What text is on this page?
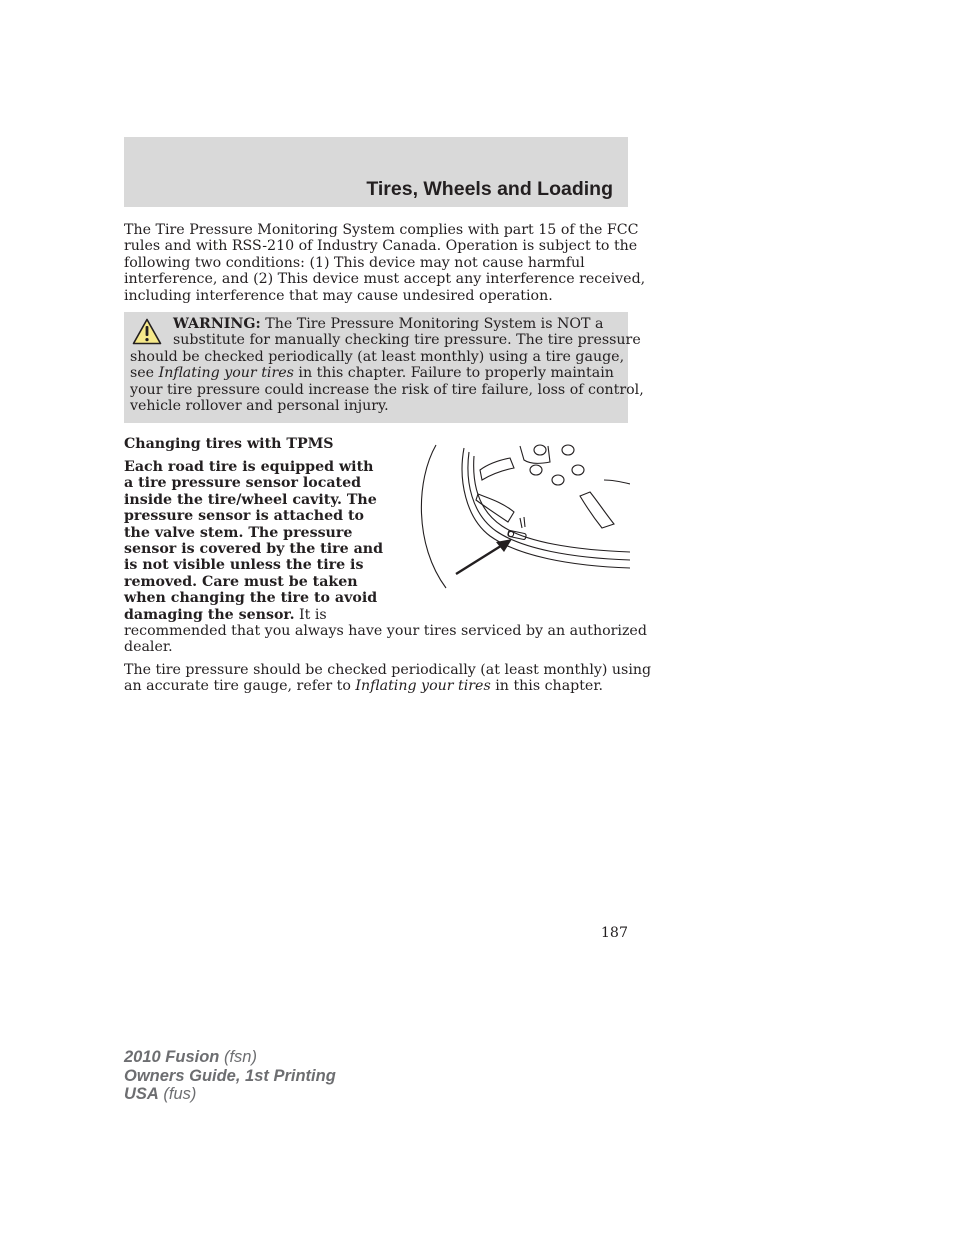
Tires, Wheels and Loading

The Tire Pressure Monitoring System complies with part 15 of the FCC
rules and with RSS-210 of Industry Canada. Operation is subject to the
following two conditions: (1) This device may not cause harmful
interference, and (2) This device must accept any interference received,
including interference that may cause undesired operation.

WARNING: The Tire Pressure Monitoring System is NOT a
substitute for manually checking tire pressure. The tire pressure
should be checked periodically (at least monthly) using a tire gauge,
see Inflating your tires in this chapter. Failure to properly maintain
your tire pressure could increase the risk of tire failure, loss of control,
vehicle rollover and personal injury.

Changing tires with TPMS

Each road tire is equipped with
a tire pressure sensor located
inside the tire/wheel cavity. The
pressure sensor is attached to
the valve stem. The pressure
sensor is covered by the tire and
is not visible unless the tire is
removed. Care must be taken
when changing the tire to avoid
damaging the sensor. It is
recommended that you always have your tires serviced by an authorized
dealer.

The tire pressure should be checked periodically (at least monthly) using
an accurate tire gauge, refer to Inflating your tires in this chapter.

187

2010 Fusion (fsn)
Owners Guide, 1st Printing
USA (fus)
